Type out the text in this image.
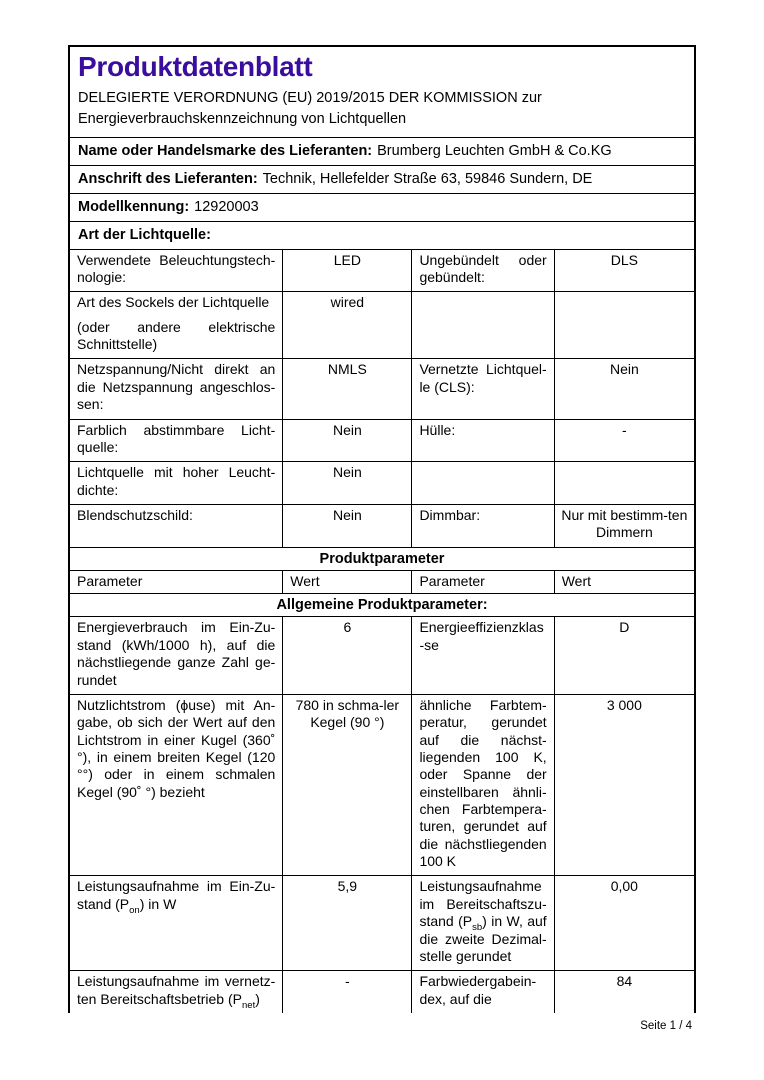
Produktdatenblatt

DELEGIERTE VERORDNUNG (EU) 2019/2015 DER KOMMISSION zur
Energieverbrauchskennzeichnung von Lichtquellen

Name oder Handelsmarke des Lieferanten: Brumberg Leuchten GmbH & Co.KG
Anschrift des Lieferanten: Technik, Hellefelder Straße 63, 59846 Sundern, DE
Modellkennung: 12920003
Art der Lichtquelle:
Verwendete Beleuchtungstech-nologie:	LED	Ungebündelt oder gebündelt:	DLS

Art des Sockels der Lichtquelle

(oder andere elektrische Schnittstelle)	wired		
Netzspannung/Nicht direkt an die Netzspannung angeschlos-sen:	NMLS	Vernetzte Lichtquel-le (CLS):	Nein
Farblich abstimmbare Licht-quelle:	Nein	Hülle:	-
Lichtquelle mit hoher Leucht-dichte:	Nein		
Blendschutzschild:	Nein	Dimmbar:	Nur mit bestimm-ten Dimmern
Produktparameter			
Parameter	Wert	Parameter	Wert
Allgemeine Produktparameter:			
Energieverbrauch im Ein-Zu-stand (kWh/1000 h), auf die nächstliegende ganze Zahl ge-rundet	6	Energieeffizienzklas-se	D
Nutzlichtstrom (ϕuse) mit An-gabe, ob sich der Wert auf den Lichtstrom in einer Kugel (360˚ °), in einem breiten Kegel (120 °°) oder in einem schmalen Kegel (90˚ °) bezieht	780 in schma-ler Kegel (90 °)	ähnliche Farbtem-peratur, gerundet auf die nächst-liegenden 100 K, oder Spanne der einstellbaren ähnli-chen Farbtempera-turen, gerundet auf die nächstliegenden 100 K	3 000
Leistungsaufnahme im Ein-Zu-stand $(P_{on})$ in W	5,9	Leistungsaufnahme im Bereitschaftszu-stand $(P_{sb})$ in W, auf die zweite Dezimal-stelle gerundet	0,00
Leistungsaufnahme im vernetz-ten Bereitschaftsbetrieb $(P_{net})$	-	Farbwiedergabein-dex, auf die	84
Seite 1 / 4
